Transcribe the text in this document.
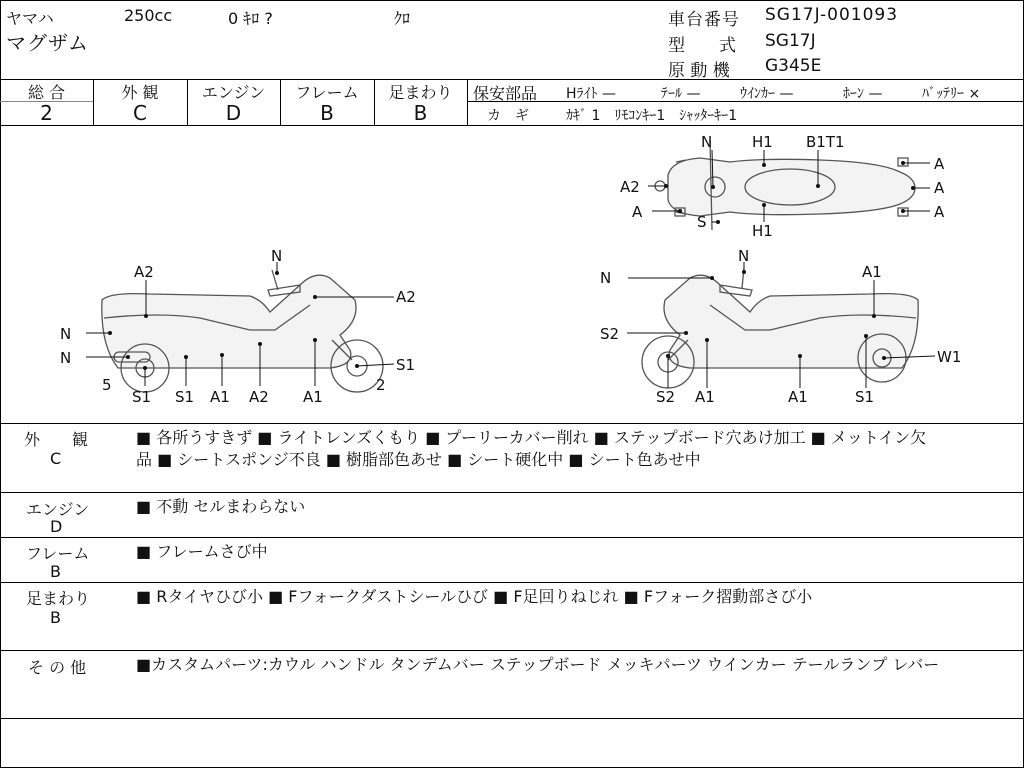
ヤマハ	250cc	0 ｷﾛ ?	ｸﾛ
マグザム
車台番号 SG17J-001093
型　　式 SG17J
原 動 機 G345E
総 合
2
外 観
C
エンジン
D
フレーム
B
足まわり
B
保安部品 Hﾗｲﾄ —	ﾃｰﾙ —	ｳｲﾝｶｰ —	ﾎｰﾝ —	ﾊﾞｯﾃﾘｰ ×
カ　ギ	ｶｷﾞ 1　ﾘﾓｺﾝｷｰ1　ｼｬｯﾀｰｷｰ1
N	H1 B1T1
A
A2	A
A
S	H1
A
N
A2
A2
N
N
5
S1 S1 A1 A2 A1
S1
2
N
N
A1
S2
W1
S2 A1	A1	S1
外　　観
C
■ 各所うすきず ■ ライトレンズくもり ■ プーリーカバー削れ ■ ステップボード穴あけ加工 ■ メットイン欠
品 ■ シートスポンジ不良 ■ 樹脂部色あせ ■ シート硬化中 ■ シート色あせ中
エンジン
D
■ 不動 セルまわらない
フレーム
B
■ フレームさび中
足まわり
B
■ Rタイヤひび小 ■ Fフォークダストシールひび ■ F足回りねじれ ■ Fフォーク摺動部さび小
そ の 他	■カスタムパーツ:カウル ハンドル タンデムバー ステップボード メッキパーツ ウインカー テールランプ レバー
